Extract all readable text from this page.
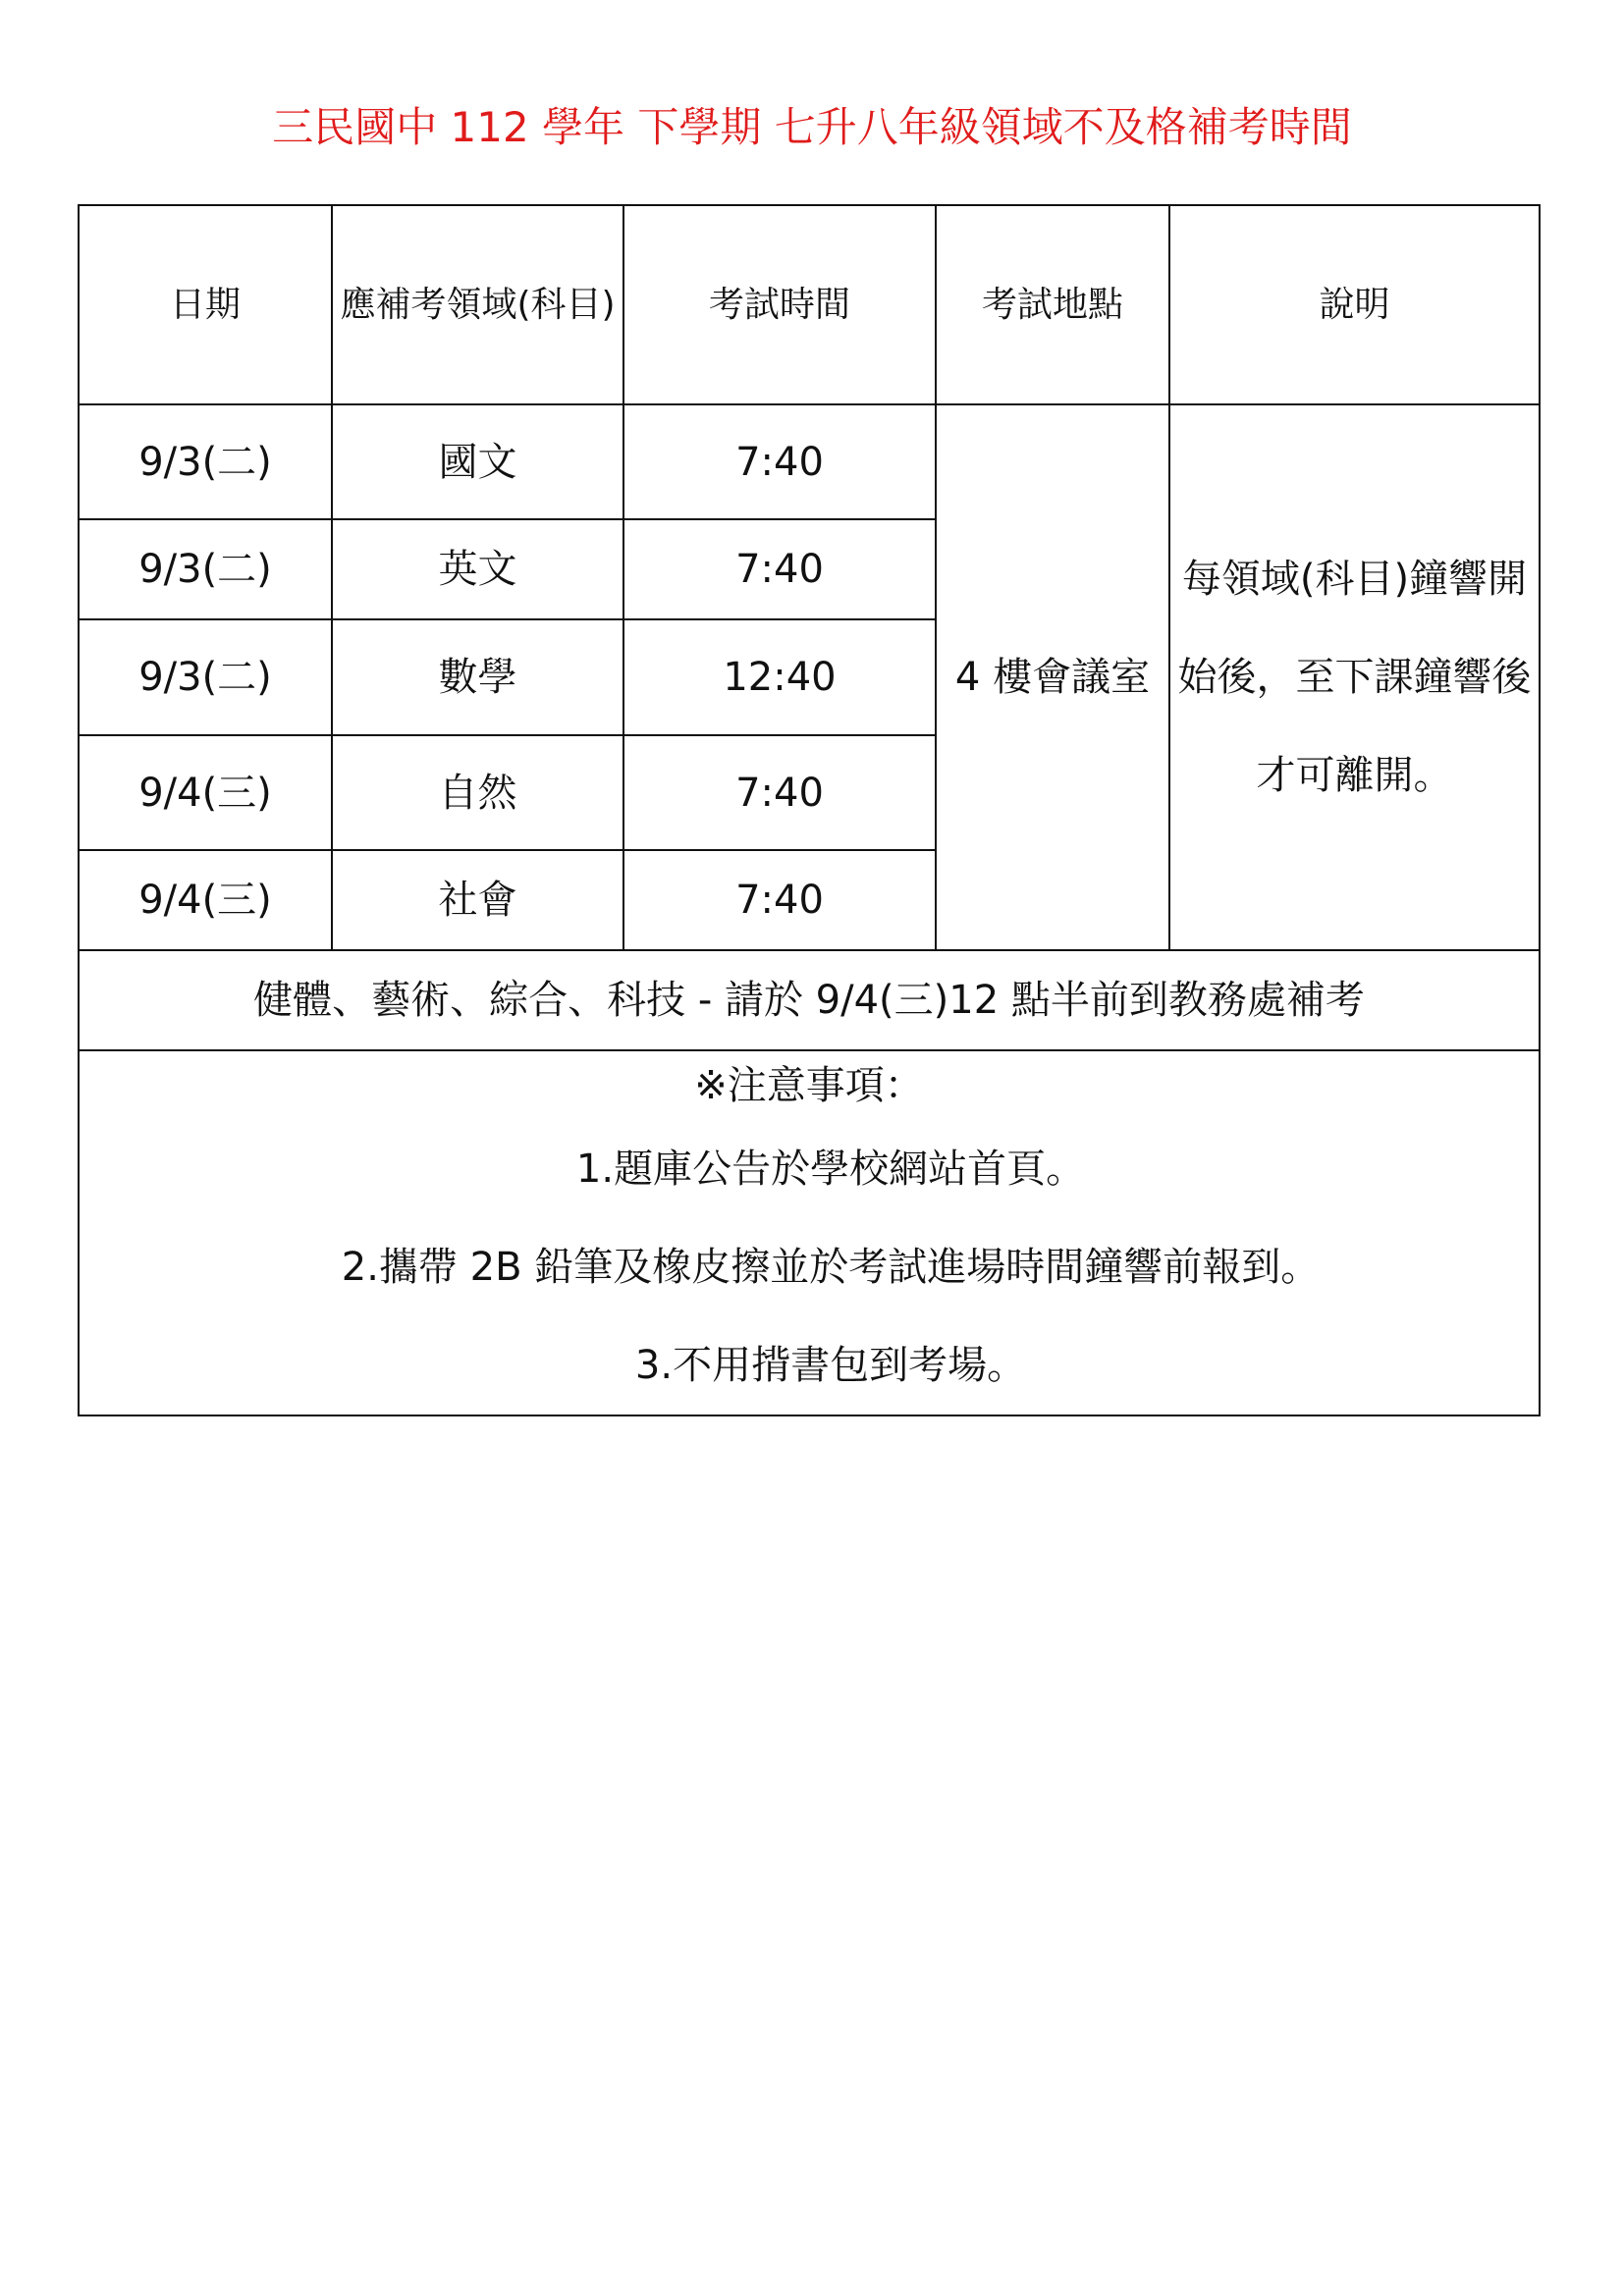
三民國中 112 學年 下學期 七升八年級領域不及格補考時間
日期	應補考領域(科目)	考試時間	考試地點	說明
9/3(二)	國文	7:40	4 樓會議室	每領域(科目)鐘響開始後，至下課鐘響後才可離開。
9/3(二)	英文	7:40		
9/3(二)	數學	12:40		
9/4(三)	自然	7:40		
9/4(三)	社會	7:40		
健體、藝術、綜合、科技 - 請於 9/4(三)12 點半前到教務處補考				

※注意事項：
1.題庫公告於學校網站首頁。
2.攜帶 2B 鉛筆及橡皮擦並於考試進場時間鐘響前報到。
3.不用揹書包到考場。				
